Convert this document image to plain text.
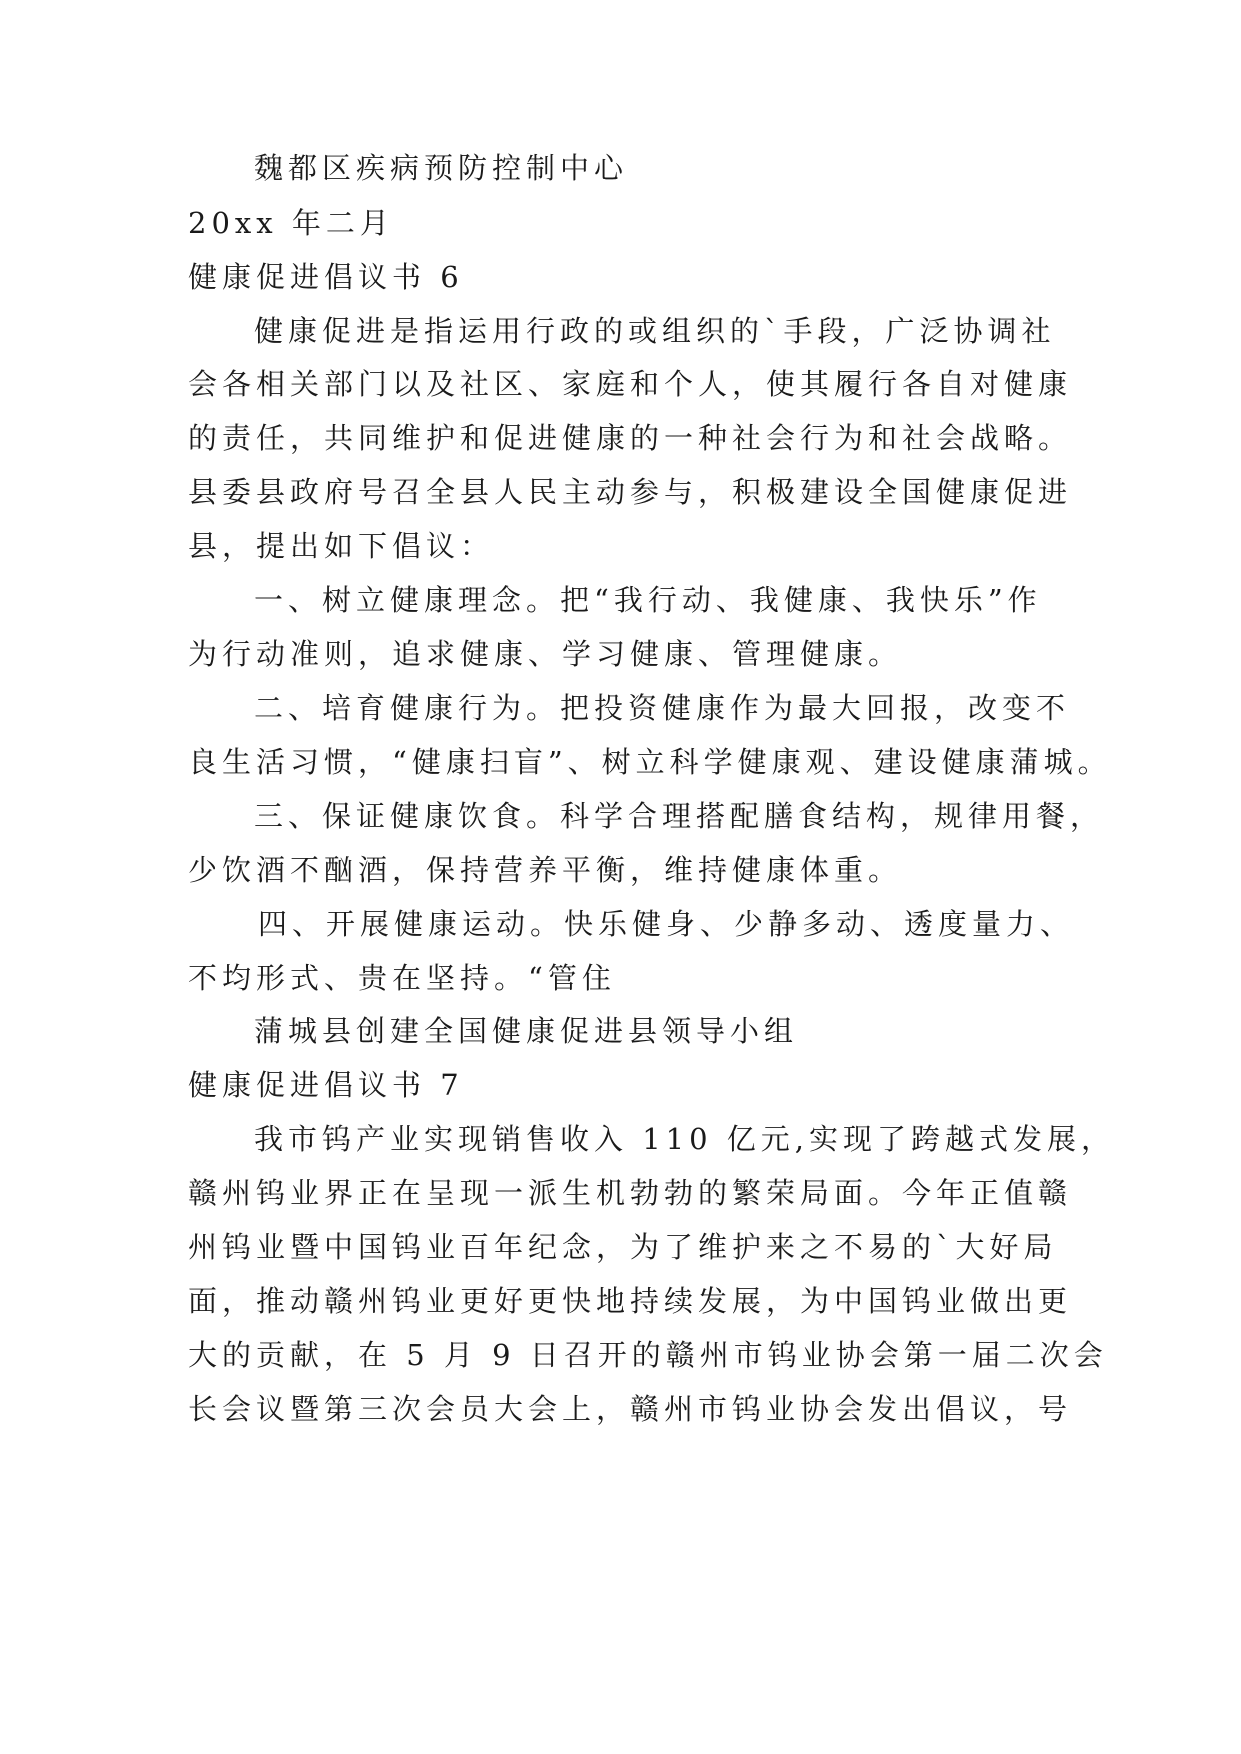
魏都区疾病预防控制中心
20xx 年二月
健康促进倡议书 6
健康促进是指运用行政的或组织的`手段，广泛协调社
会各相关部门以及社区、家庭和个人，使其履行各自对健康
的责任，共同维护和促进健康的一种社会行为和社会战略。
县委县政府号召全县人民主动参与，积极建设全国健康促进
县，提出如下倡议：
一、树立健康理念。把“我行动、我健康、我快乐”作
为行动准则，追求健康、学习健康、管理健康。
二、培育健康行为。把投资健康作为最大回报，改变不
良生活习惯，“健康扫盲”、树立科学健康观、建设健康蒲城。
三、保证健康饮食。科学合理搭配膳食结构，规律用餐，
少饮酒不酗酒，保持营养平衡，维持健康体重。
四、开展健康运动。快乐健身、少静多动、透度量力、
不均形式、贵在坚持。“管住
蒲城县创建全国健康促进县领导小组
健康促进倡议书 7
我市钨产业实现销售收入 110 亿元,实现了跨越式发展，
赣州钨业界正在呈现一派生机勃勃的繁荣局面。今年正值赣
州钨业暨中国钨业百年纪念，为了维护来之不易的`大好局
面，推动赣州钨业更好更快地持续发展，为中国钨业做出更
大的贡献，在 5 月 9 日召开的赣州市钨业协会第一届二次会
长会议暨第三次会员大会上，赣州市钨业协会发出倡议，号
